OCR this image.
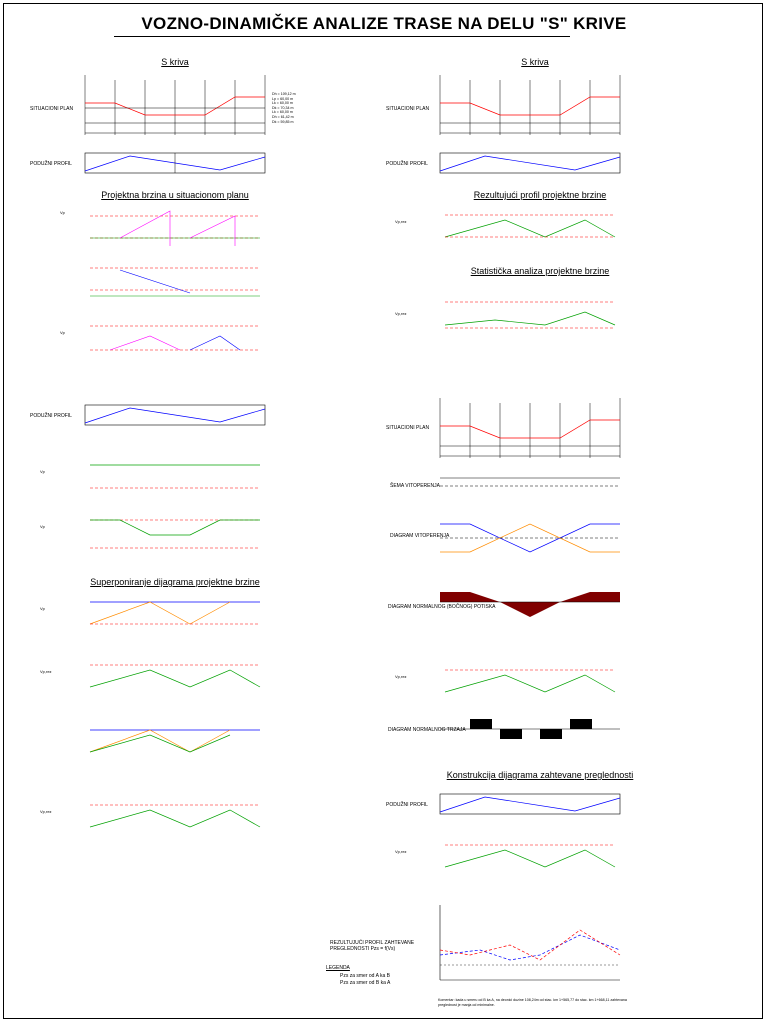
VOZNO-DINAMIČKE ANALIZE TRASE NA DELU "S" KRIVE
S kriva
SITUACIONI PLAN
PODUŽNI PROFIL
Dh = 109,12 m
Lp = 60,00 m
Lk = 60,00 m
Dk = 70,34 m
Lk = 60,00 m
Dh = 61,42 m
Dk = 59,85 m
Projektna brzina u situacionom planu
Vp
Vp
PODUŽNI PROFIL
Vp
Vp
Superponiranje dijagrama projektne brzine
Vp
Vp,rez
Vp,rez
S kriva
SITUACIONI PLAN
PODUŽNI PROFIL
Rezultujući profil projektne brzine
Vp,rez
Statistička analiza projektne brzine
Vp,rez
SITUACIONI PLAN
ŠEMA VITOPERENJA
DIAGRAM VITOPERENJA
DIAGRAM NORMALNOG (BOČNOG) POTISKA
Vp,rez
DIAGRAM NORMALNOG TRZAJA
Konstrukcija dijagrama zahtevane preglednosti
PODUŽNI PROFIL
Vp,rez
REZULTUJUĆI PROFIL ZAHTEVANE PREGLEDNOSTI Pzs = f(Vs)
LEGENDA
Pzs za smer od A ka B
Pzs za smer od B ka A
Komentar: kada u smeru od B ka A, na deonici duzine 108,24m od stac. km 1+565,77 do stac. km 1+668,11 zahtevana preglednost je manja od minimalne.
